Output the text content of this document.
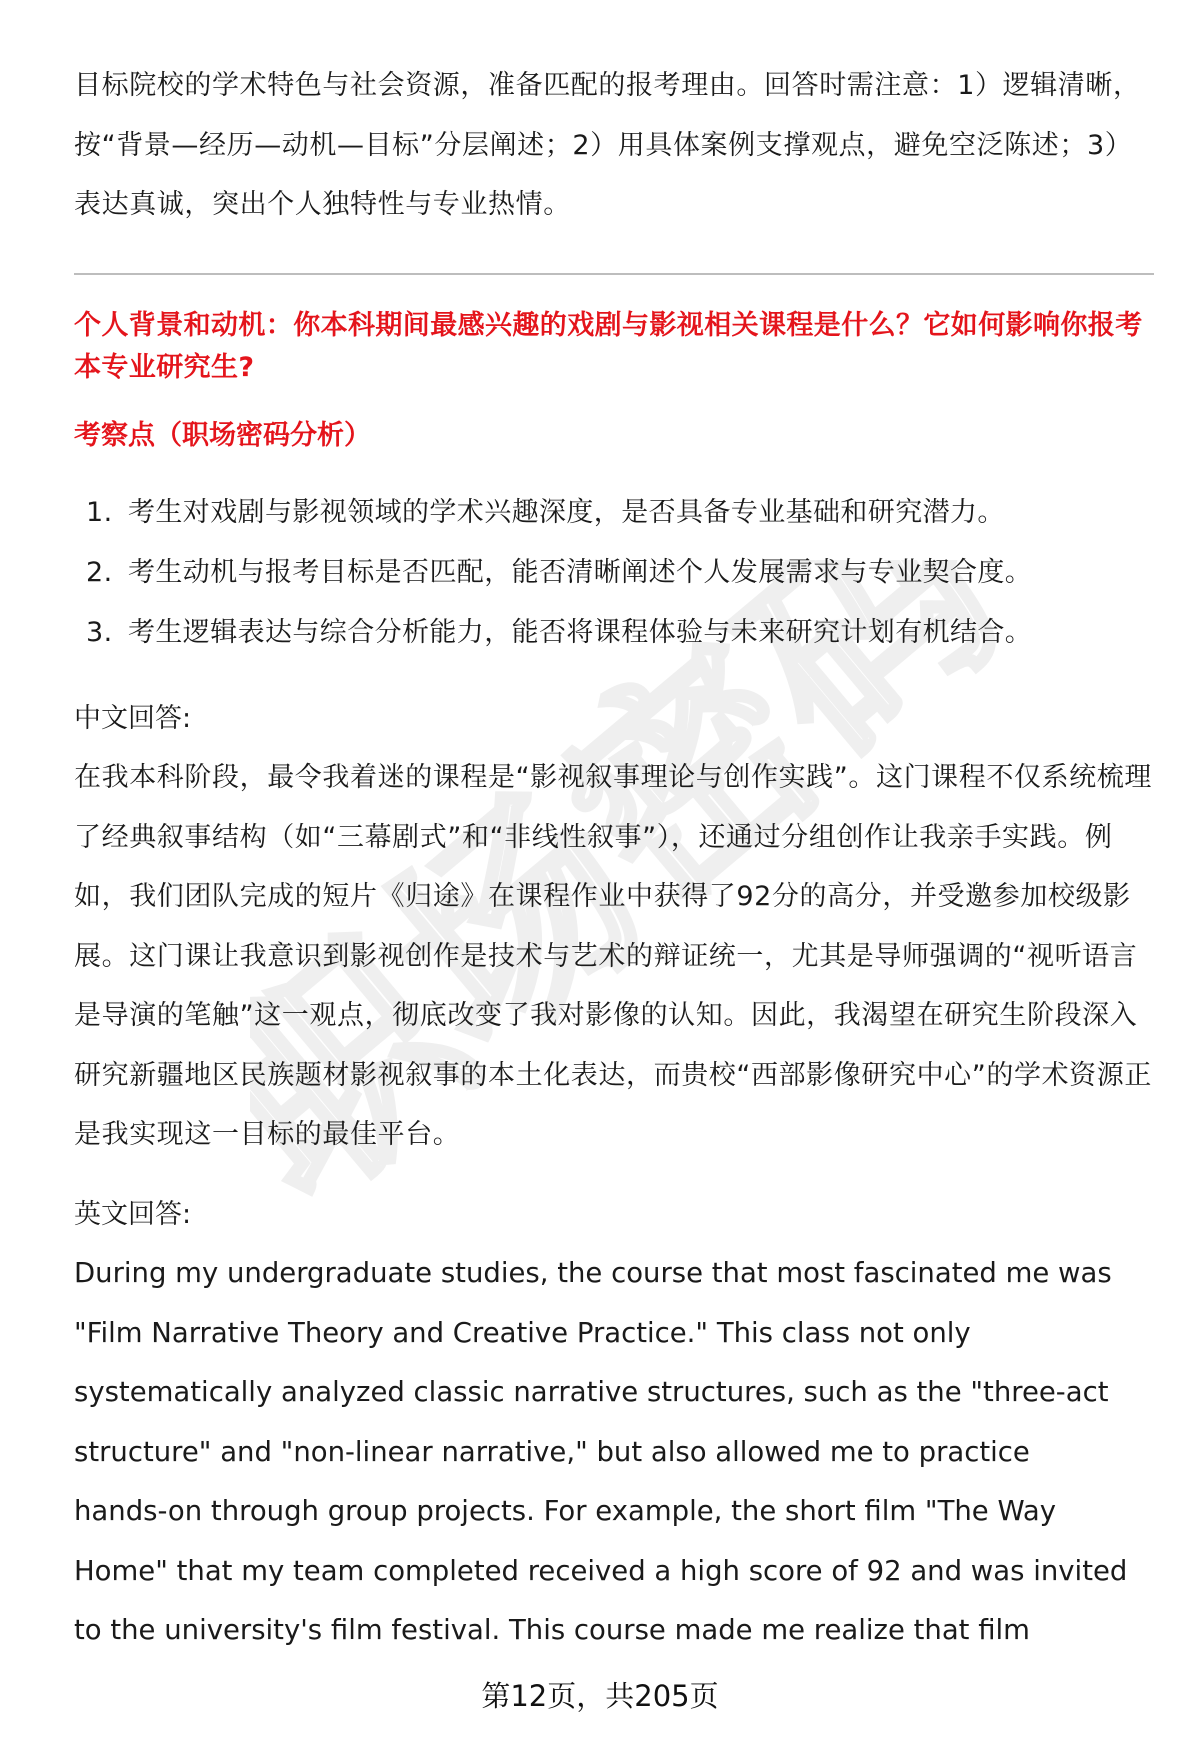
职场密码

目标院校的学术特色与社会资源，准备匹配的报考理由。回答时需注意：1）逻辑清晰，按“背景—经历—动机—目标”分层阐述；2）用具体案例支撑观点，避免空泛陈述；3）表达真诚，突出个人独特性与专业热情。

个人背景和动机：你本科期间最感兴趣的戏剧与影视相关课程是什么？它如何影响你报考本专业研究生?

考察点（职场密码分析）

1. 考生对戏剧与影视领域的学术兴趣深度，是否具备专业基础和研究潜力。
2. 考生动机与报考目标是否匹配，能否清晰阐述个人发展需求与专业契合度。
3. 考生逻辑表达与综合分析能力，能否将课程体验与未来研究计划有机结合。

中文回答:

在我本科阶段，最令我着迷的课程是“影视叙事理论与创作实践”。这门课程不仅系统梳理了经典叙事结构（如“三幕剧式”和“非线性叙事”），还通过分组创作让我亲手实践。例如，我们团队完成的短片《归途》在课程作业中获得了92分的高分，并受邀参加校级影展。这门课让我意识到影视创作是技术与艺术的辩证统一，尤其是导师强调的“视听语言是导演的笔触”这一观点，彻底改变了我对影像的认知。因此，我渴望在研究生阶段深入研究新疆地区民族题材影视叙事的本土化表达，而贵校“西部影像研究中心”的学术资源正是我实现这一目标的最佳平台。

英文回答:

During my undergraduate studies, the course that most fascinated me was
"Film Narrative Theory and Creative Practice." This class not only
systematically analyzed classic narrative structures, such as the "three-act
structure" and "non-linear narrative," but also allowed me to practice
hands-on through group projects. For example, the short film "The Way
Home" that my team completed received a high score of 92 and was invited
to the university's film festival. This course made me realize that film
第12页，共205页
